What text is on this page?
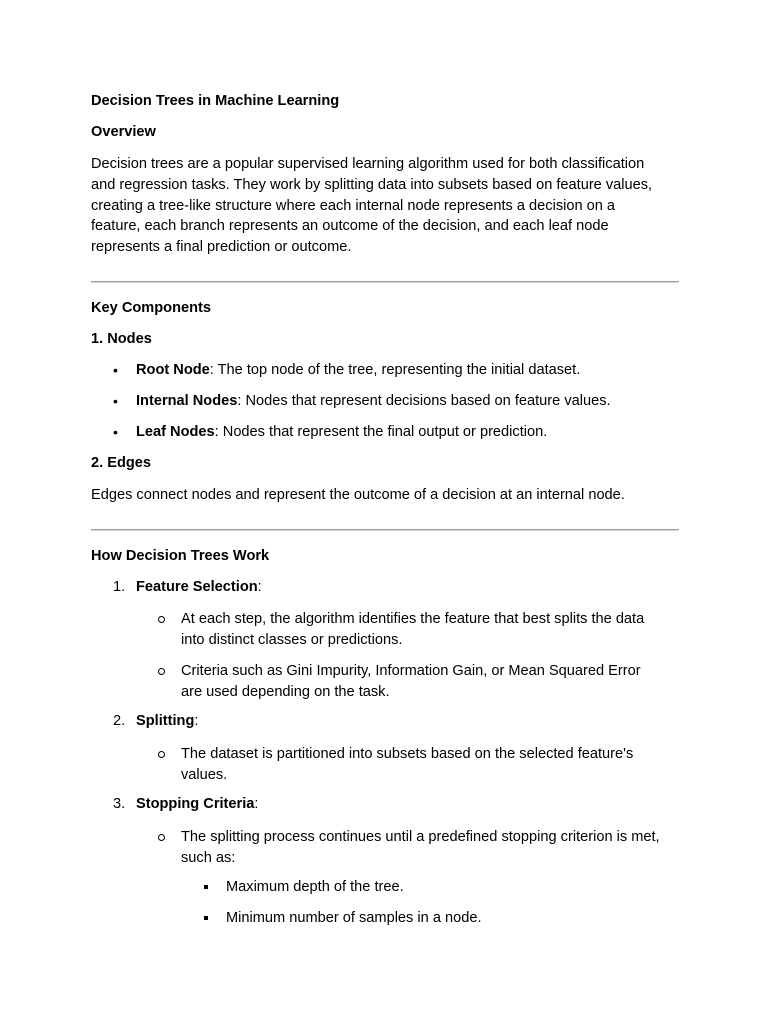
Decision Trees in Machine Learning
Overview
Decision trees are a popular supervised learning algorithm used for both classification
and regression tasks. They work by splitting data into subsets based on feature values,
creating a tree-like structure where each internal node represents a decision on a
feature, each branch represents an outcome of the decision, and each leaf node
represents a final prediction or outcome.
Key Components
1. Nodes
• Root Node: The top node of the tree, representing the initial dataset.
• Internal Nodes: Nodes that represent decisions based on feature values.
• Leaf Nodes: Nodes that represent the final output or prediction.
2. Edges
Edges connect nodes and represent the outcome of a decision at an internal node.
How Decision Trees Work
1. Feature Selection:
At each step, the algorithm identifies the feature that best splits the data
into distinct classes or predictions.
Criteria such as Gini Impurity, Information Gain, or Mean Squared Error
are used depending on the task.
2. Splitting:
The dataset is partitioned into subsets based on the selected feature's
values.
3. Stopping Criteria:
The splitting process continues until a predefined stopping criterion is met,
such as:
Maximum depth of the tree.
Minimum number of samples in a node.
